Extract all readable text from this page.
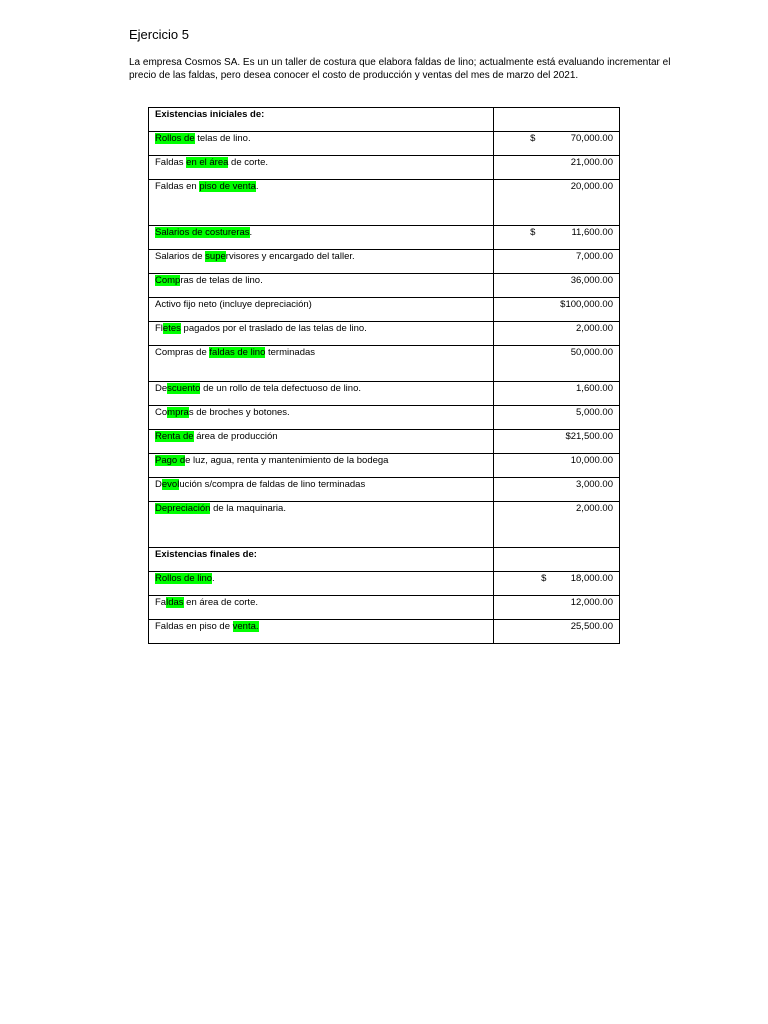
Ejercicio 5

La empresa Cosmos SA. Es un un taller de costura que elabora faldas de lino; actualmente está evaluando incrementar el precio de las faldas, pero desea conocer el costo de producción y ventas del mes de marzo del 2021.

Existencias iniciales de:	

Rollos de telas de lino.	$ 70,000.00

Faldas en el área de corte.	21,000.00

Faldas en piso de venta.	20,000.00

Salarios de costureras.	$ 11,600.00

Salarios de supervisores y encargado del taller.	7,000.00

Compras de telas de lino.	36,000.00

Activo fijo neto (incluye depreciación)	$100,000.00

Fletes pagados por el traslado de las telas de lino.	2,000.00

Compras de faldas de lino terminadas	50,000.00

Descuento de un rollo de tela defectuoso de lino.	1,600.00

Compras de broches y botones.	5,000.00

Renta de área de producción	$21,500.00

Pago de luz, agua, renta y mantenimiento de la bodega	10,000.00

Devolución s/compra de faldas de lino terminadas	3,000.00

Depreciación de la maquinaria.	2,000.00

Existencias finales de:	

Rollos de lino.	$ 18,000.00

Faldas en área de corte.	12,000.00

Faldas en piso de venta.	25,500.00
